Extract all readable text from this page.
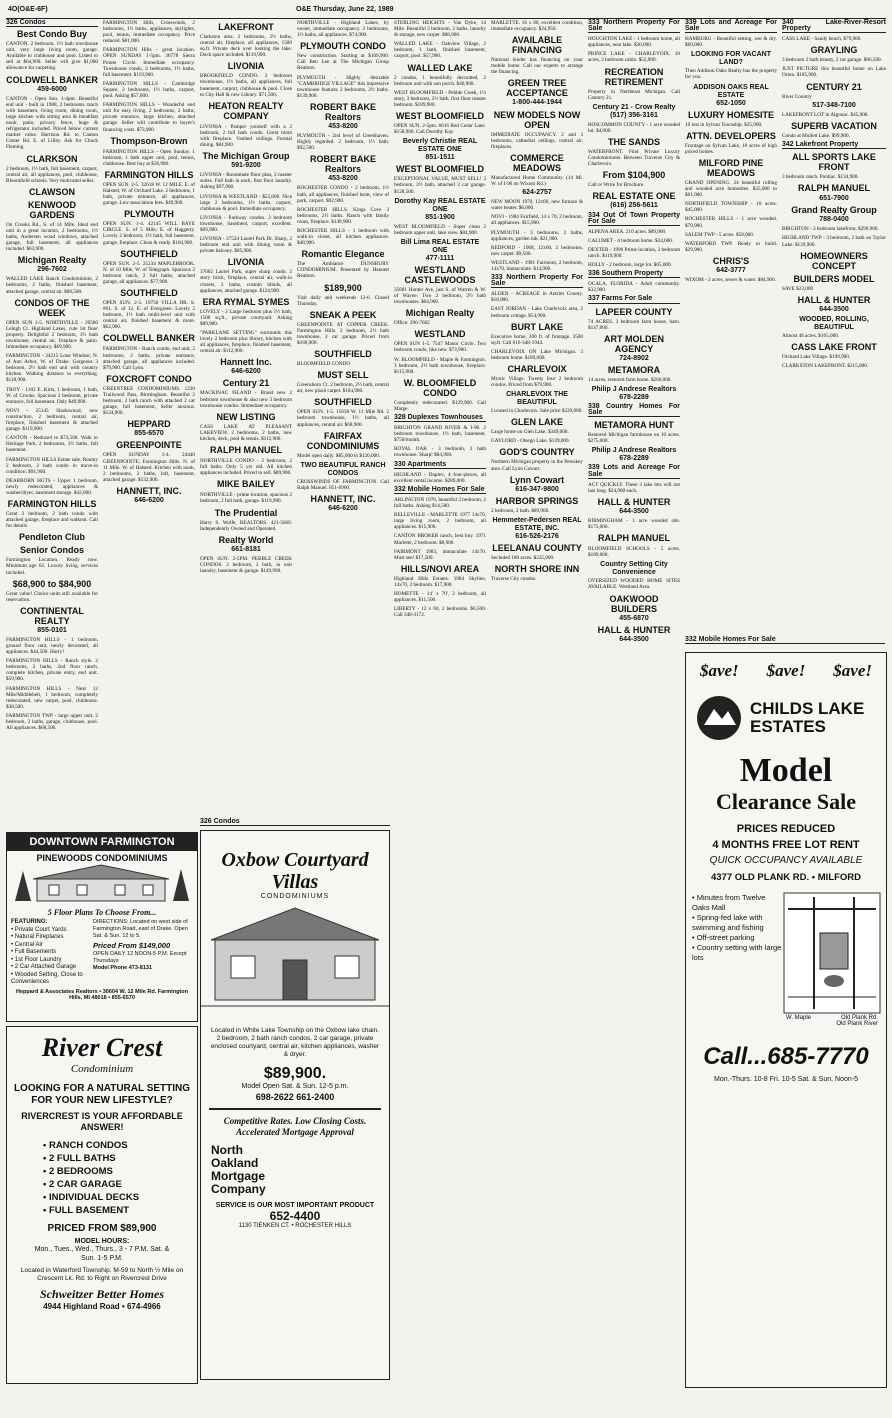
4O(O&E-6F)	O&E Thursday, June 22, 1989
326 Condos
Best Condo Buy
CANTON. 2 bedroom, 1½ bath townhouse unit, very large living room, garage. Available to clubhouse and pool. Listed to sell at $64,900. Seller will give $1,000 allowance for carpeting.
COLDWELL BANKER
459-6000
CANTON - Open Sun. 1-4pm. Beautiful end unit - built in 1988, 2 bedrooms ranch with basement, living room, dining room, large kitchen with sitting area & breakfast nook, patio, privacy fence, huge & refrigerator included. Priced below current market value. Harrison Rd. to Canton Center Rd. E. of Lilley. Ask for Chuck Fleming.
CLARKSON
2 bedroom, 1½ bath, full basement, carport, central air, all appliances, pool, clubhouse, Bloomfield schools. Very motivated seller.
CLAWSON
KENWOOD GARDENS
On Crooks Rd., S. of 14 Mile. Ideal end unit in a great location, 2 bedrooms, 1½ baths, Andersen wood windows, attached garage, full basement, all appliances included. $63,900.
Michigan Realty
296-7602
WALLED LAKE Ranch Condominium, 2 bedrooms, 2 baths, finished basement, attached garage, central air. $88,500.
CONDOS OF THE WEEK
OPEN SUN 2-5. NORTHVILLE - 20560 Lehigh Ct. Highland Lakes, cute 1st floor property. Delightful 2 bedroom, 1½ bath townhouse, central air, fireplace & patio. Immediate occupancy. $69,900.
FARMINGTON - 24215 Lone Windsor, N. of Ann Arbor, W. of Drake. Gorgeous 3 bedroom, 2½ bath end unit with country kitchen. Walking distance to everything. $118,900.
TROY - 1182 E. Kirts, 1 bedroom, 1 bath, W. of Crooks. Spacious 2 bedroom, private entrance, full basement. Only $49,900.
NOVI - 25145 Shadowood, new construction, 2 bedroom, central air, fireplace, finished basement & attached garage. $119,900.
CANTON - Reduced to $73,500. Walk to Heritage Park, 2 bedrooms, 1½ baths, full basement.
FARMINGTON HILLS Estate sale. Roomy 2 bedroom, 2 bath condo in move-in condition. $91,900.
DEARBORN HGTS - Upper 1 bedroom, newly redecorated, appliances & washer/dryer, basement storage. $42,000.
FARMINGTON HILLS
Great 2 bedroom, 2 bath condo with attached garage, fireplace and walkout. Call for details.
Pendleton Club
Senior Condos
Farmington Location. Ready now. Minimum age 62. Luxury living, services included.
$68,900 to $84,900
Great value! Choice units still available for reservation.
CONTINENTAL REALTY
855-0101
FARMINGTON HILLS - 1 bedroom, ground floor unit, newly decorated, all appliances. $44,500. Hurry!
FARMINGTON HILLS - Ranch style. 2 bedrooms, 2 baths, 2nd floor ranch, complete kitchen, private entry, end unit. $59,900.
FARMINGTON HILLS - Near 12 Mile/Middlebelt, 1 bedroom, completely redecorated, new carpet, pool, clubhouse. $38,500.
FARMINGTON TWP - large upper unit, 2 bedroom, 2 baths, garage, clubhouse, pool. All appliances. $68,500.
FARMINGTON Hills, Crosswinds, 2 bedrooms, 1½ baths, appliances, skylights, pool, tennis, immediate occupancy. Price reduced. $81,000.
FARMINGTON Hills - great location. OPEN SUNDAY 1-5pm. 36778 Sierra Pointe Circle. Immediate occupancy. Townhouse condo, 2 bedrooms, 1½ baths, full basement. $119,900.
FARMINGTON HILLS - Cambridge Square, 2 bedrooms, 1½ baths, carport, pool. Asking $57,000.
FARMINGTON HILLS - Wonderful end unit for easy living. 2 bedrooms, 2 baths, private entrance, large kitchen, attached garage. Seller will contribute to buyer's financing costs. $73,900.
Thompson-Brown
FARMINGTON HILLS - Open Sunday. 1 bedroom, 1 bath upper unit, pool, tennis, clubhouse. Best buy at $36,900.
FARMINGTON HILLS
OPEN SUN. 2-5. 32618 W. 12 MILE. E. of Halsted, W. of Orchard Lake. 2 bedrooms, 1 bath, private entrance, all appliances, garage. Low association fees. $49,900.
PLYMOUTH
OPEN SUN. 1-4. 42145 WILL BAYE CIRCLE. S. of 5 Mile, E. of Haggerty. Lovely 2 bedroom, 1½ bath, full basement, garage, fireplace. Clean & ready. $104,900.
SOUTHFIELD
OPEN SUN. 2-5. 25234 MAPLEBROOK. N. of 10 Mile, W. of Telegraph. Spacious 2 bedroom ranch, 2 full baths, attached garage, all appliances. $77,900.
SOUTHFIELD
OPEN SUN. 2-5. 19750 VILLA DR. S. #61. S. of 12, E. of Evergreen. Lovely 2 bedroom, 1½ bath multi-level unit with central air, finished basement & more. $62,900.
COLDWELL BANKER
FARMINGTON - Ranch condo, end unit, 2 bedrooms, 2 baths, private entrance, attached garage, all appliances included. $79,900. Call Lynn.
FOXCROFT CONDO
GREENTREE CONDOMINIUMS. 1230 Trailwood Pass, Birmingham. Beautiful 2 bedroom, 2 bath ranch with attached 2 car garage, full basement, Seller anxious. $124,900.
HEPPARD
855-6570
GREENPOINTE
OPEN SUNDAY 1-4. 24440 GREENPOINTE, Farmington Hills. N. of 11 Mile, W. of Halsted. Kitchen with nook, 2 bedrooms, 2 baths, loft, basement, attached garage. $132,900.
HANNETT, INC.
646-6200
LAKEFRONT
Clarkston area. 2 bedrooms, 2½ baths, central air, fireplace, all appliances, 1500 sq.ft. Private deck over looking the lake. Dock space included. $119,900.
LIVONIA
BROOKFIELD CONDO. 2 bedroom townhouse, 1½ baths, all appliances, full basement, carport, clubhouse & pool. Close to City Hall & new Library. $71,500.
HEATON REALTY COMPANY
LIVONIA - Pamper yourself with a 2 bedroom, 2 full bath condo. Great room with fireplace. Vaulted ceilings. Formal dining. $84,900.
The Michigan Group
591-9200
LIVONIA - Roommate floor plan, 2 master suites. Full bath in each, first floor laundry. Asking $97,900.
LIVONIA & WESTLAND - $55,000. Nice large 2 bedrooms, 1½ baths, carport, clubhouse & pool. Immediate occupancy.
LIVONIA - Parkway condos. 2 bedroom townhouse, basement, carport, excellent. $69,900.
LIVONIA - 37524 Laurel Park Dr. Sharp, 2 bedroom end unit with dining room & private balcony. $85,900.
LIVONIA
37662 Laurel Park, super sharp condo. 2 story brick, fireplace, central air, walk-in closets, 2 baths, custom blinds, all appliances, attached garage. $124,900.
ERA RYMAL SYMES
LOVELY - 2 Large bedroom plus 1½ bath, 1500 sq.ft., private courtyard. Asking $89,900.
"PARKLANE SETTING" surrounds this lovely 2 bedroom plus library, kitchen with all appliances, fireplace, finished basement, central air. $112,900.
Hannett Inc.
646-6200
Century 21
MACKINAC ISLAND - Brand new 2 bedroom townhouse & also new 3 bedroom townhouse condos. Immediate occupancy.
NEW LISTING
CASS LAKE AT PLEASANT LAKEVIEW. 2 bedrooms, 2 baths, new kitchen, deck, pool & tennis. $112,900.
RALPH MANUEL
NORTHVILLE CONDO - 2 bedroom, 2 full baths. Only 5 yrs old. All kitchen appliances included. Priced to sell. $89,900.
MIKE BAILEY
NORTHVILLE - prime location, spacious 2 bedroom, 2 full bath, garage. $119,900.
The Prudential
Harry S. Wolfe, REALTORS. 421-5660. Independently Owned and Operated.
Realty World
661-8181
OPEN SUN. 2-5PM. PEBBLE CREEK CONDOS. 2 bedroom, 2 bath, in unit laundry, basement & garage. $149,900.
NORTHVILLE - Highland Lakes, by owner, immediate occupancy. 2 bedrooms, 1½ baths, all appliances. $74,900.
PLYMOUTH CONDO
New construction. Starting at $109,900. Call Ben Lee at The Michigan Group Realtors.
PLYMOUTH - Highly desirable "CAMBRIDGE VILLAGE" this impressive townhouse features 2 bedrooms, 2½ baths. $139,900.
ROBERT BAKE Realtors
453-8200
PLYMOUTH - 2nd level of Greenhaven. Highly regarded. 2 bedroom, 1½ bath. $92,500.
ROBERT BAKE Realtors
453-8200
ROCHESTER CONDO - 2 bedroom, 1½ bath, all appliances, finished bsmt, view of park, carport. $92,900.
ROCHESTER HILLS. Kings Cove 3 bedrooms, 2½ baths. Ranch with family room, fireplace. $149,900.
ROCHESTER HILLS - 1 bedroom with walk-in closet, all kitchen appliances. $48,900.
Romantic Elegance
The Ambiance DUNSBURY CONDOMINIUM. Presented by Hannett Realtors.
$189,900
Visit daily and weekends 12-6. Closed Thursday.
SNEAK A PEEK
GREENPOINTE AT COPPER CREEK. Farmington Hills. 2 bedroom, 2½ bath townhouse, 2 car garage. Priced from $169,900.
SOUTHFIELD
BLOOMFIELD CONDO
MUST SELL
Greensboro Ct. 2 bedroom, 2½ bath, central air, new plush carpet. $104,900.
SOUTHFIELD
OPEN SUN. 1-5. 15638 W. 11 Mile Rd. 2 bedroom townhouse, 1½ baths, all appliances, central air. $68,900.
FAIRFAX CONDOMINIUMS
Model open daily. $85,000 to $120,000.
TWO BEAUTIFUL RANCH CONDOS
CROSSWINDS OF FARMINGTON. Call Ralph Manuel. 851-6900.
HANNETT, INC.
646-6200
STERLING HEIGHTS - Van Dyke, 14 Mile. Beautiful 2 bedroom, 2 baths, laundry & storage, new carpet. $68,900.
WALLED LAKE - Oakview Village, 2 bedroom, 1 bath, finished basement, carport, pool. $57,900.
WALLED LAKE
2 condos, 1 beautifully decorated, 2 bedroom unit with sun porch. $46,900.
WEST BLOOMFIELD - Pebble Creek, 1½ story, 3 bedroom, 2½ bath, first floor master bedroom. $189,900.
WEST BLOOMFIELD
OPEN SUN. 2-5pm. 6616 Red Cedar Lane. $158,900. Call Dorothy Kay.
Beverly Christie REAL ESTATE ONE
851-1511
WEST BLOOMFIELD
EXCEPTIONAL VALUE, MUST SELL! 3 bedroom, 2½ bath, attached 2 car garage. $128,500.
Dorothy Kay REAL ESTATE ONE
851-1900
WEST BLOOMFIELD - Super clean 2 bedroom upper unit, lake view. $84,900.
Bill Lima REAL ESTATE ONE
477-1111
WESTLAND CASTLEWOODS
35601 Hunter Ave, just S. of Warren & W. of Wayne. Two 2 bedroom, 2½ bath townhouses. $64,900.
Michigan Realty
Office: 296-7602
WESTLAND
OPEN SUN 1-5. 7547 Manor Circle. Two bedroom condo, like new. $73,900.
W. BLOOMFIELD - Maple & Farmington. 3 bedroom, 2½ bath townhouse, fireplace. $115,900.
W. BLOOMFIELD CONDO
Completely redecorated. $129,900. Call Marge.
328 Duplexes Townhouses
BRIGHTON GRAND RIVER & I-96. 2 bedroom townhouse, 1½ bath, basement. $750/month.
ROYAL OAK - 3 bedroom, 2 bath townhouse. Sharp! $84,900.
330 Apartments
HIGHLAND - Duplex, 4 four-plexes, all excellent rental income. $289,000.
332 Mobile Homes For Sale
ARLINGTON 1976, beautiful 3 bedroom, 2 full baths. Asking $14,500.
BELLEVILLE - MARLETTE 1977 14x70, large living room, 2 bedroom, all appliances. $15,900.
CANTON BROKER ranch, best buy. 1971 Marlette, 2 bedroom. $8,900.
FAIRMONT 1983, immaculate 14x70. Must see! $17,500.
HILLS/NOVI AREA
Highland Hills Estates. 1984 Skyline, 14x70, 2 bedroom. $17,900.
HOMETTE - 14' x 70', 2 bedroom, all appliances. $11,500.
LIBERTY - 12 x 60, 2 bedrooms. $6,500. Call 348-3172.
MARLETTE. 16 x 80, excellent condition, immediate occupancy. $24,950.
AVAILABLE FINANCING
National lender has financing on your mobile home. Call our experts to arrange the financing.
GREEN TREE ACCEPTANCE
1-800-444-1944
NEW MODELS NOW OPEN
IMMEDIATE OCCUPANCY. 2 and 3 bedrooms, cathedral ceilings, central air, fireplaces.
COMMERCE MEADOWS
Manufactured Home Community. (14 Mi. W. of I-96 on Wixom Rd.)
624-2757
NEW MOON 1970, 12x60, new furnace & water heater. $6,000.
NOVI - 1984 Fairfield, 14 x 70, 2 bedroom, all appliances. $15,900.
PLYMOUTH - 3 bedrooms, 2 baths, appliances, garden tub. $21,900.
REDFORD - 1968, 12x60, 2 bedrooms, new carpet. $9,500.
WESTLAND - 1981 Fairmont, 2 bedroom, 14x70, immaculate. $14,900.
333 Northern Property For Sale
ALDEN - ACREAGE in Antrim County. $18,900.
EAST JORDAN - Lake Charlevoix area, 2 bedroom cottage. $54,900.
BURT LAKE
Executive home, 200 ft. of frontage. 3500 sq.ft. Call 616-348-1944.
CHARLEVOIX ON Lake Michigan. 3 bedroom home. $189,000.
CHARLEVOIX
Mystic Village. Twenty four 2 bedroom condos. Priced from $79,900.
CHARLEVOIX THE BEAUTIFUL
Located in Charlevoix. Sale price $229,000.
GLEN LAKE
Large home on Glen Lake. $349,000.
GAYLORD - Otsego Lake. $139,000.
GOD'S COUNTRY
Northern Michigan property in the Petoskey area. Call Lynn Cowart.
Lynn Cowart
616-347-9800
HARBOR SPRINGS
2 bedroom, 2 bath. $89,900.
Hemmeter-Pedersen REAL ESTATE, INC.
616-526-2176
LEELANAU COUNTY
Secluded 180 acres. $225,000.
NORTH SHORE INN
Traverse City condos.
333 Northern Property For Sale
HOUGHTON LAKE - 1 bedroom home, all appliances, near lake. $30,000.
PRINCE LAKE - CHARLEVOIX. 10 acres, 2 bedroom cabin. $52,900.
RECREATION RETIREMENT
Property in Northeast Michigan. Call Century 21.
Century 21 - Crow Realty
(517) 356-3161
ROSCOMMON COUNTY - 1 acre wooded lot. $4,900.
THE SANDS
WATERFRONT. Find Private Luxury Condominiums. Between Traverse City & Charlevoix.
From $104,900
Call or Write for Brochure.
REAL ESTATE ONE
(616) 256-5611
334 Out Of Town Property For Sale
ALPENA AREA. 210 acres. $89,900.
CALUMET - 4 bedroom home. $24,000.
DEXTER - 1996 Prime location, 3 bedroom ranch. $119,900.
HOLLY - 2 bedroom, large lot. $65,000.
336 Southern Property
OCALA, FLORIDA - Adult community. $32,900.
337 Farms For Sale
LAPEER COUNTY
74 ACRES. 3 bedroom farm house, barn. $147,000.
ART MOLDEN AGENCY
724-8902
METAMORA
14 acres, restored farm home. $260,000.
Philip J Andrese Realtors
678-2289
338 Country Homes For Sale
METAMORA HUNT
Restored Michigan farmhouse on 10 acres. $275,000.
Philip J Andrese Realtors
678-2289
339 Lots and Acreage For Sale
ACT QUICKLY. These 3 lake lots will not last long. $24,900 each.
HALL & HUNTER
644-3500
BIRMINGHAM - 1 acre wooded site. $175,000.
RALPH MANUEL
BLOOMFIELD SCHOOLS - 5 acres. $189,000.
Country Setting City Convenience
OVERSIZED WOODED HOME SITES AVAILABLE. Westland Area.
OAKWOOD BUILDERS
455-6870
HALL & HUNTER
644-3500
339 Lots and Acreage For Sale
HAMBURG - Beautiful setting, wet & dry. $60,000.
LOOKING FOR VACANT LAND?
Then Addison Oaks Realty has the property for you.
ADDISON OAKS REAL ESTATE
652-1050
LUXURY HOMESITE
10 lots in Sylvan Township. $35,900.
ATTN. DEVELOPERS
Frontage on Sylvan Lake, 10 acres of high priced homes.
MILFORD PINE MEADOWS
GRAND OPENING. 24 beautiful rolling and wooded acre homesites. $35,000 to $61,000.
NORTHFIELD TOWNSHIP - 10 acres. $45,000.
ROCHESTER HILLS - 1 acre wooded. $79,900.
SALEM TWP - 5 acres. $58,000.
WATERFORD TWP. Ready to build. $29,900.
CHRIS'S
642-3777
WIXOM - 2 acres, sewer & water. $84,900.
340 Lake-River-Resort Property
CASS LAKE - Sandy beach, $79,900.
GRAYLING
3 bedroom 2 bath beauty, 2 car garage. $86,500.
JUST PICTURE this beautiful home on Lake Orion. $185,900.
CENTURY 21
River Country
517-348-7100
LAKEFRONT LOT in Algonac. $45,900.
SUPERB VACATION
Condo at Mullett Lake. $99,900.
342 Lakefront Property
ALL SPORTS LAKE FRONT
3 bedroom ranch. Pontiac. $134,900.
RALPH MANUEL
651-7900
Grand Realty Group
788-0400
BRIGHTON - 3 bedroom lakefront, $299,900.
HIGHLAND TWP - 3 bedroom, 2 bath on Taylor Lake. $139,900.
HOMEOWNERS CONCEPT
BUILDERS MODEL
SAVE $23,000
HALL & HUNTER
644-3500
WOODED, ROLLING, BEAUTIFUL
Almost 48 acres. $165,000.
CASS LAKE FRONT
Orchard Lake Village. $199,900.
CLARKSTON LAKEFRONT. $215,000.
DOWNTOWN FARMINGTON
PINEWOODS CONDOMINIUMS
5 Floor Plans To Choose From...
FEATURING:
• Private Court Yards
• Natural Fireplaces
• Central Air
• Full Basements
• 1st Floor Laundry
• 2 Car Attached Garage
• Wooded Setting, Close to Conveniences
DIRECTIONS: Located on west side of Farmington Road, east of Drake. Open Sat. & Sun. 12 to 5.
Priced From $149,000
OPEN DAILY 12 NOON-5 P.M. Except Thursdays
Model Phone 473-8131
Heppard & Associates Realtors • 30604 W. 12 Mile Rd. Farmington Hills, MI 48018 • 855-6570
River Crest
Condominium
LOOKING FOR A NATURAL SETTING FOR YOUR NEW LIFESTYLE?
RIVERCREST IS YOUR AFFORDABLE ANSWER!
• RANCH CONDOS
• 2 FULL BATHS
• 2 BEDROOMS
• 2 CAR GARAGE
• INDIVIDUAL DECKS
• FULL BASEMENT
PRICED FROM $89,900
MODEL HOURS:
Mon., Tues., Wed., Thurs., 3 - 7 P.M. Sat. & Sun. 1-5 P.M.
Located in Waterford Township. M-59 to North ½ Mile on Crescent Lk. Rd. to Right on Rivercrest Drive
Schweitzer Better Homes
4944 Highland Road • 674-4966
326 Condos
Oxbow Courtyard Villas
CONDOMINIUMS
Located in White Lake Township on the Oxbow lake chain. 2 bedroom, 2 bath ranch condos, 2 car garage, private enclosed courtyard, central air, kitchen appliances, washer & dryer.
$89,900.
Model Open Sat. & Sun. 12-5 p.m.
698-2622 661-2400
Competitive Rates. Low Closing Costs. Accelerated Mortgage Approval
North Oakland Mortgage Company
SERVICE IS OUR MOST IMPORTANT PRODUCT
652-4400
1130 TIENKEN CT. • ROCHESTER HILLS
332 Mobile Homes For Sale
$ave! $ave! $ave!
CHILDS LAKE ESTATES
Model
Clearance Sale
PRICES REDUCED
4 MONTHS FREE LOT RENT
QUICK OCCUPANCY AVAILABLE
4377 OLD PLANK RD. • MILFORD
• Minutes from Twelve Oaks Mall
• Spring-fed lake with swimming and fishing
• Off-street parking
• Country setting with large lots
W. Maple	Old Plank Rd.
Old Plank River
Call...685-7770
Mon.-Thurs. 10-8 Fri. 10-5 Sat. & Sun. Noon-5
